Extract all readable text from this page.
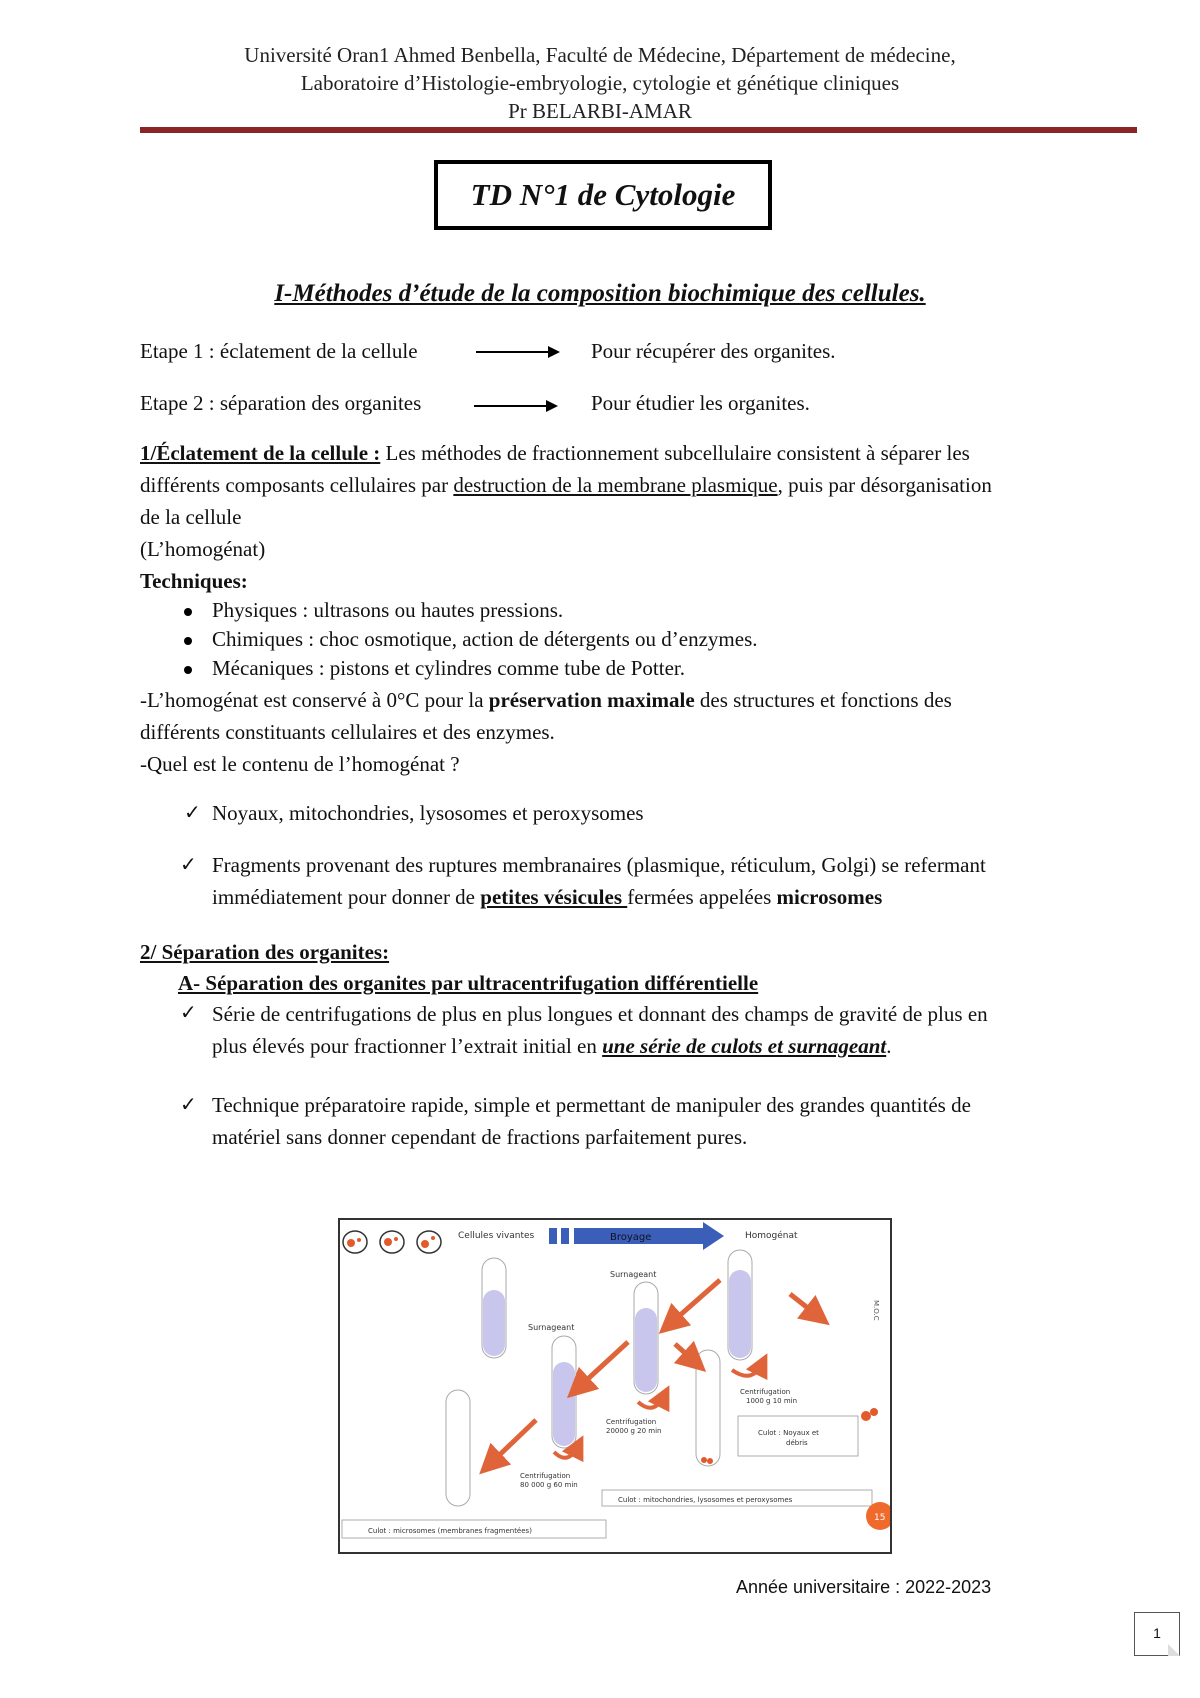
Université Oran1 Ahmed Benbella, Faculté de Médecine, Département de médecine,
Laboratoire d’Histologie-embryologie, cytologie et génétique cliniques
Pr BELARBI-AMAR
TD N°1 de Cytologie
I-Méthodes d’étude de la composition biochimique des cellules.
Etape 1 : éclatement de la cellule	Pour récupérer des organites.
Etape 2 : séparation des organites	Pour étudier les organites.
1/Éclatement de la cellule : Les méthodes de fractionnement subcellulaire consistent à séparer les
différents composants cellulaires par destruction de la membrane plasmique, puis par désorganisation
de la cellule
(L’homogénat)
Techniques:
Physiques : ultrasons ou hautes pressions.
Chimiques : choc osmotique, action de détergents ou d’enzymes.
Mécaniques : pistons et cylindres comme tube de Potter.
-L’homogénat est conservé à 0°C pour la préservation maximale des structures et fonctions des
différents constituants cellulaires et des enzymes.
-Quel est le contenu de l’homogénat ?
✓ Noyaux, mitochondries, lysosomes et peroxysomes
✓ Fragments provenant des ruptures membranaires (plasmique, réticulum, Golgi) se refermant
immédiatement pour donner de petites vésicules fermées appelées microsomes
2/ Séparation des organites:
A- Séparation des organites par ultracentrifugation différentielle
✓ Série de centrifugations de plus en plus longues et donnant des champs de gravité de plus en
plus élevés pour fractionner l’extrait initial en une série de culots et surnageant.
✓ Technique préparatoire rapide, simple et permettant de manipuler des grandes quantités de
matériel sans donner cependant de fractions parfaitement pures.
Cellules vivantes	Broyage	Homogénat
Surnageant
Surnageant
Centrifugation
1000 g 10 min
Culot : Noyaux et
débris
Centrifugation
20000 g 20 min
Centrifugation
80 000 g 60 min
Culot : mitochondries, lysosomes et peroxysomes
Culot : microsomes (membranes fragmentées)
M.O.C
15
Année universitaire : 2022-2023
1
